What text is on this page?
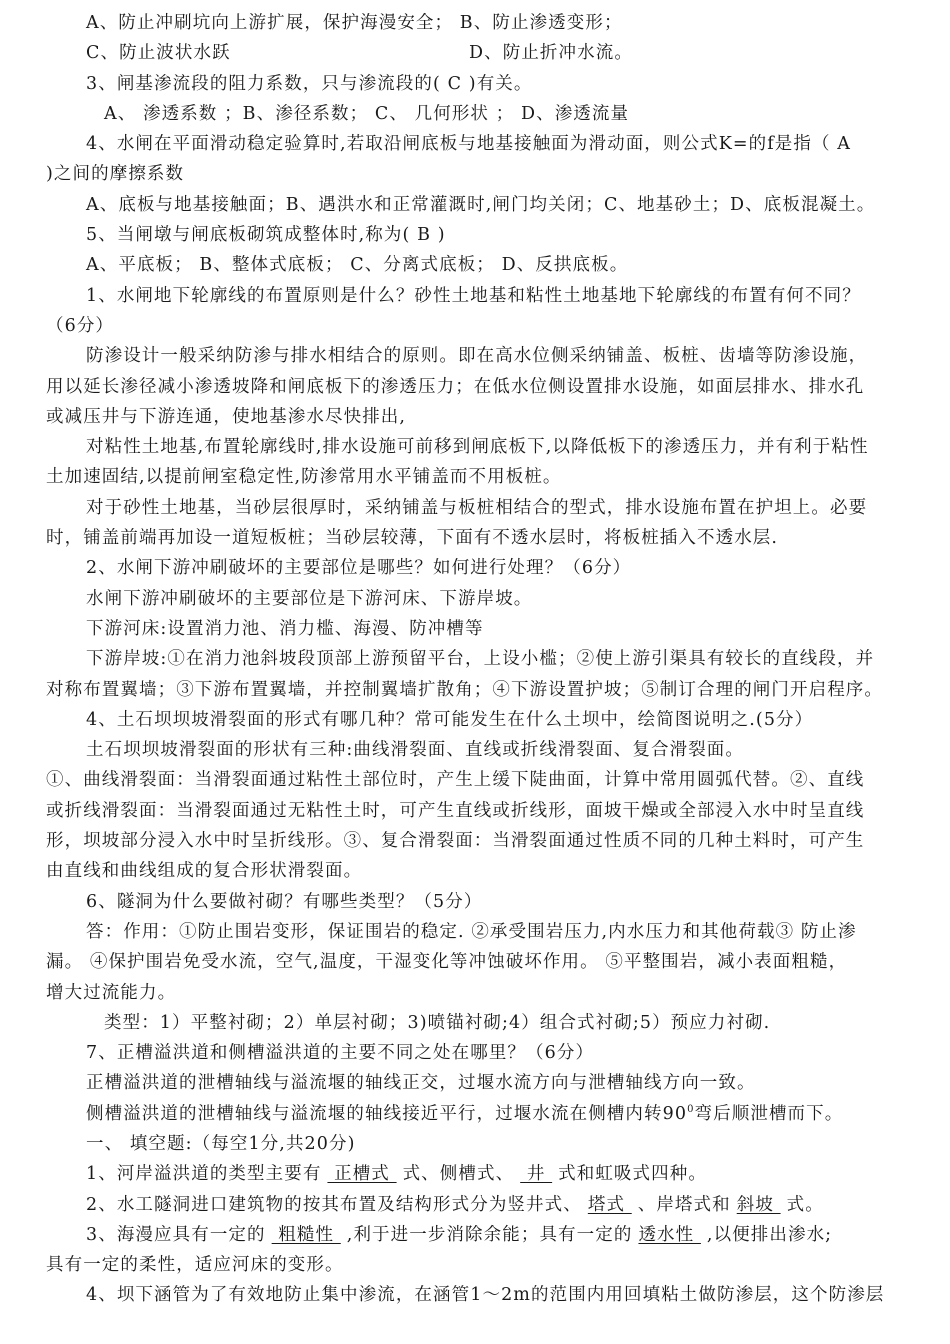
A、防止冲刷坑向上游扩展，保护海漫安全； B、防止渗透变形；
C、防止波状水跃	D、防止折冲水流。
3、闸基渗流段的阻力系数，只与渗流段的( C )有关。
A、 渗透系数 ；B、渗径系数； C、 几何形状 ； D、渗透流量
4、水闸在平面滑动稳定验算时,若取沿闸底板与地基接触面为滑动面，则公式K=的f是指（ A
)之间的摩擦系数
A、底板与地基接触面；B、遇洪水和正常灌溉时,闸门均关闭；C、地基砂土；D、底板混凝土。
5、当闸墩与闸底板砌筑成整体时,称为( B )
A、平底板； B、整体式底板； C、分离式底板； D、反拱底板。
1、水闸地下轮廓线的布置原则是什么？砂性土地基和粘性土地基地下轮廓线的布置有何不同？
（6分）
防渗设计一般采纳防渗与排水相结合的原则。即在高水位侧采纳铺盖、板桩、齿墙等防渗设施，
用以延长渗径减小渗透坡降和闸底板下的渗透压力；在低水位侧设置排水设施，如面层排水、排水孔
或减压井与下游连通，使地基渗水尽快排出,
对粘性土地基,布置轮廓线时,排水设施可前移到闸底板下,以降低板下的渗透压力，并有利于粘性
土加速固结,以提前闸室稳定性,防渗常用水平铺盖而不用板桩。
对于砂性土地基，当砂层很厚时，采纳铺盖与板桩相结合的型式，排水设施布置在护坦上。必要
时，铺盖前端再加设一道短板桩；当砂层较薄，下面有不透水层时，将板桩插入不透水层.
2、水闸下游冲刷破坏的主要部位是哪些？如何进行处理？（6分）
水闸下游冲刷破坏的主要部位是下游河床、下游岸坡。
下游河床:设置消力池、消力槛、海漫、防冲槽等
下游岸坡:①在消力池斜坡段顶部上游预留平台，上设小槛；②使上游引渠具有较长的直线段，并
对称布置翼墙；③下游布置翼墙，并控制翼墙扩散角；④下游设置护坡；⑤制订合理的闸门开启程序。
4、土石坝坝坡滑裂面的形式有哪几种？常可能发生在什么土坝中，绘简图说明之.(5分）
土石坝坝坡滑裂面的形状有三种:曲线滑裂面、直线或折线滑裂面、复合滑裂面。
①、曲线滑裂面：当滑裂面通过粘性土部位时，产生上缓下陡曲面，计算中常用圆弧代替。②、直线
或折线滑裂面：当滑裂面通过无粘性土时，可产生直线或折线形，面坡干燥或全部浸入水中时呈直线
形，坝坡部分浸入水中时呈折线形。③、复合滑裂面：当滑裂面通过性质不同的几种土料时，可产生
由直线和曲线组成的复合形状滑裂面。
6、隧洞为什么要做衬砌？有哪些类型？（5分）
答：作用：①防止围岩变形，保证围岩的稳定. ②承受围岩压力,内水压力和其他荷载③ 防止渗
漏。 ④保护围岩免受水流，空气,温度，干湿变化等冲蚀破坏作用。 ⑤平整围岩，减小表面粗糙，
增大过流能力。
类型：1）平整衬砌；2）单层衬砌；3)喷锚衬砌;4）组合式衬砌;5）预应力衬砌.
7、正槽溢洪道和侧槽溢洪道的主要不同之处在哪里？（6分）
正槽溢洪道的泄槽轴线与溢流堰的轴线正交，过堰水流方向与泄槽轴线方向一致。
侧槽溢洪道的泄槽轴线与溢流堰的轴线接近平行，过堰水流在侧槽内转$90^0$弯后顺泄槽而下。
一、 填空题:（每空1分,共20分)
1、河岸溢洪道的类型主要有 正槽式 式、侧槽式、 井 式和虹吸式四种。
2、水工隧洞进口建筑物的按其布置及结构形式分为竖井式、 塔式 、岸塔式和 斜坡 式。
3、海漫应具有一定的 粗糙性 ,利于进一步消除余能；具有一定的 透水性 ,以便排出渗水;
具有一定的柔性，适应河床的变形。
4、坝下涵管为了有效地防止集中渗流，在涵管1～2m的范围内用回填粘土做防渗层，这个防渗层
